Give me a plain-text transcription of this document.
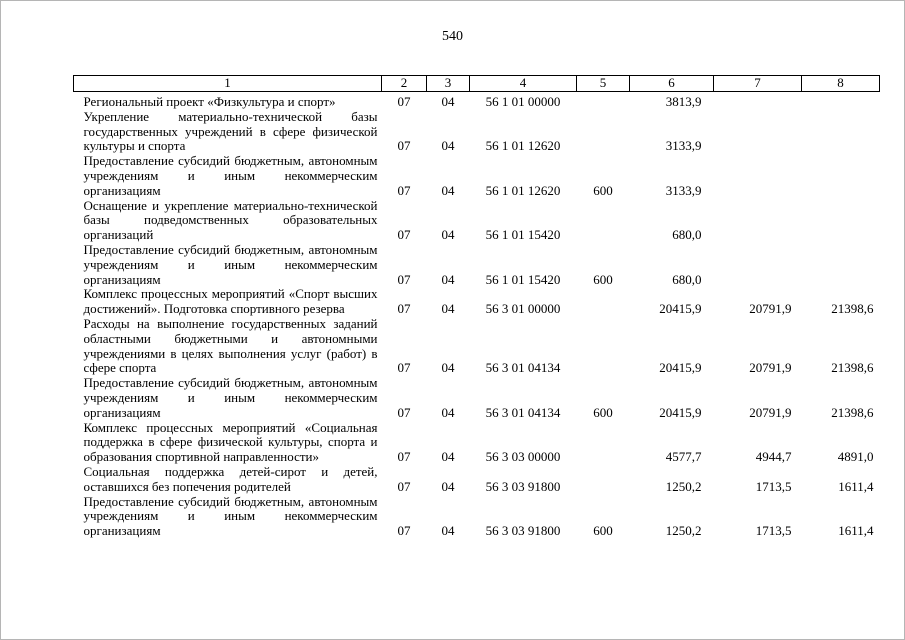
540
1	2	3	4	5	6	7	8
Региональный проект «Физкультура и спорт»	07	04	56 1 01 00000		3813,9		
Укрепление материально-технической базы государственных учреждений в сфере физической культуры и спорта	07	04	56 1 01 12620		3133,9		
Предоставление субсидий бюджетным, автономным учреждениям и иным некоммерческим организациям	07	04	56 1 01 12620	600	3133,9		
Оснащение и укрепление материально-технической базы подведомственных образовательных организаций	07	04	56 1 01 15420		680,0		
Предоставление субсидий бюджетным, автономным учреждениям и иным некоммерческим организациям	07	04	56 1 01 15420	600	680,0		
Комплекс процессных мероприятий «Спорт высших достижений». Подготовка спортивного резерва	07	04	56 3 01 00000		20415,9	20791,9	21398,6
Расходы на выполнение государственных заданий областными бюджетными и автономными учреждениями в целях выполнения услуг (работ) в сфере спорта	07	04	56 3 01 04134		20415,9	20791,9	21398,6
Предоставление субсидий бюджетным, автономным учреждениям и иным некоммерческим организациям	07	04	56 3 01 04134	600	20415,9	20791,9	21398,6
Комплекс процессных мероприятий «Социальная поддержка в сфере физической культуры, спорта и образования спортивной направленности»	07	04	56 3 03 00000		4577,7	4944,7	4891,0
Социальная поддержка детей-сирот и детей, оставшихся без попечения родителей	07	04	56 3 03 91800		1250,2	1713,5	1611,4
Предоставление субсидий бюджетным, автономным учреждениям и иным некоммерческим организациям	07	04	56 3 03 91800	600	1250,2	1713,5	1611,4
